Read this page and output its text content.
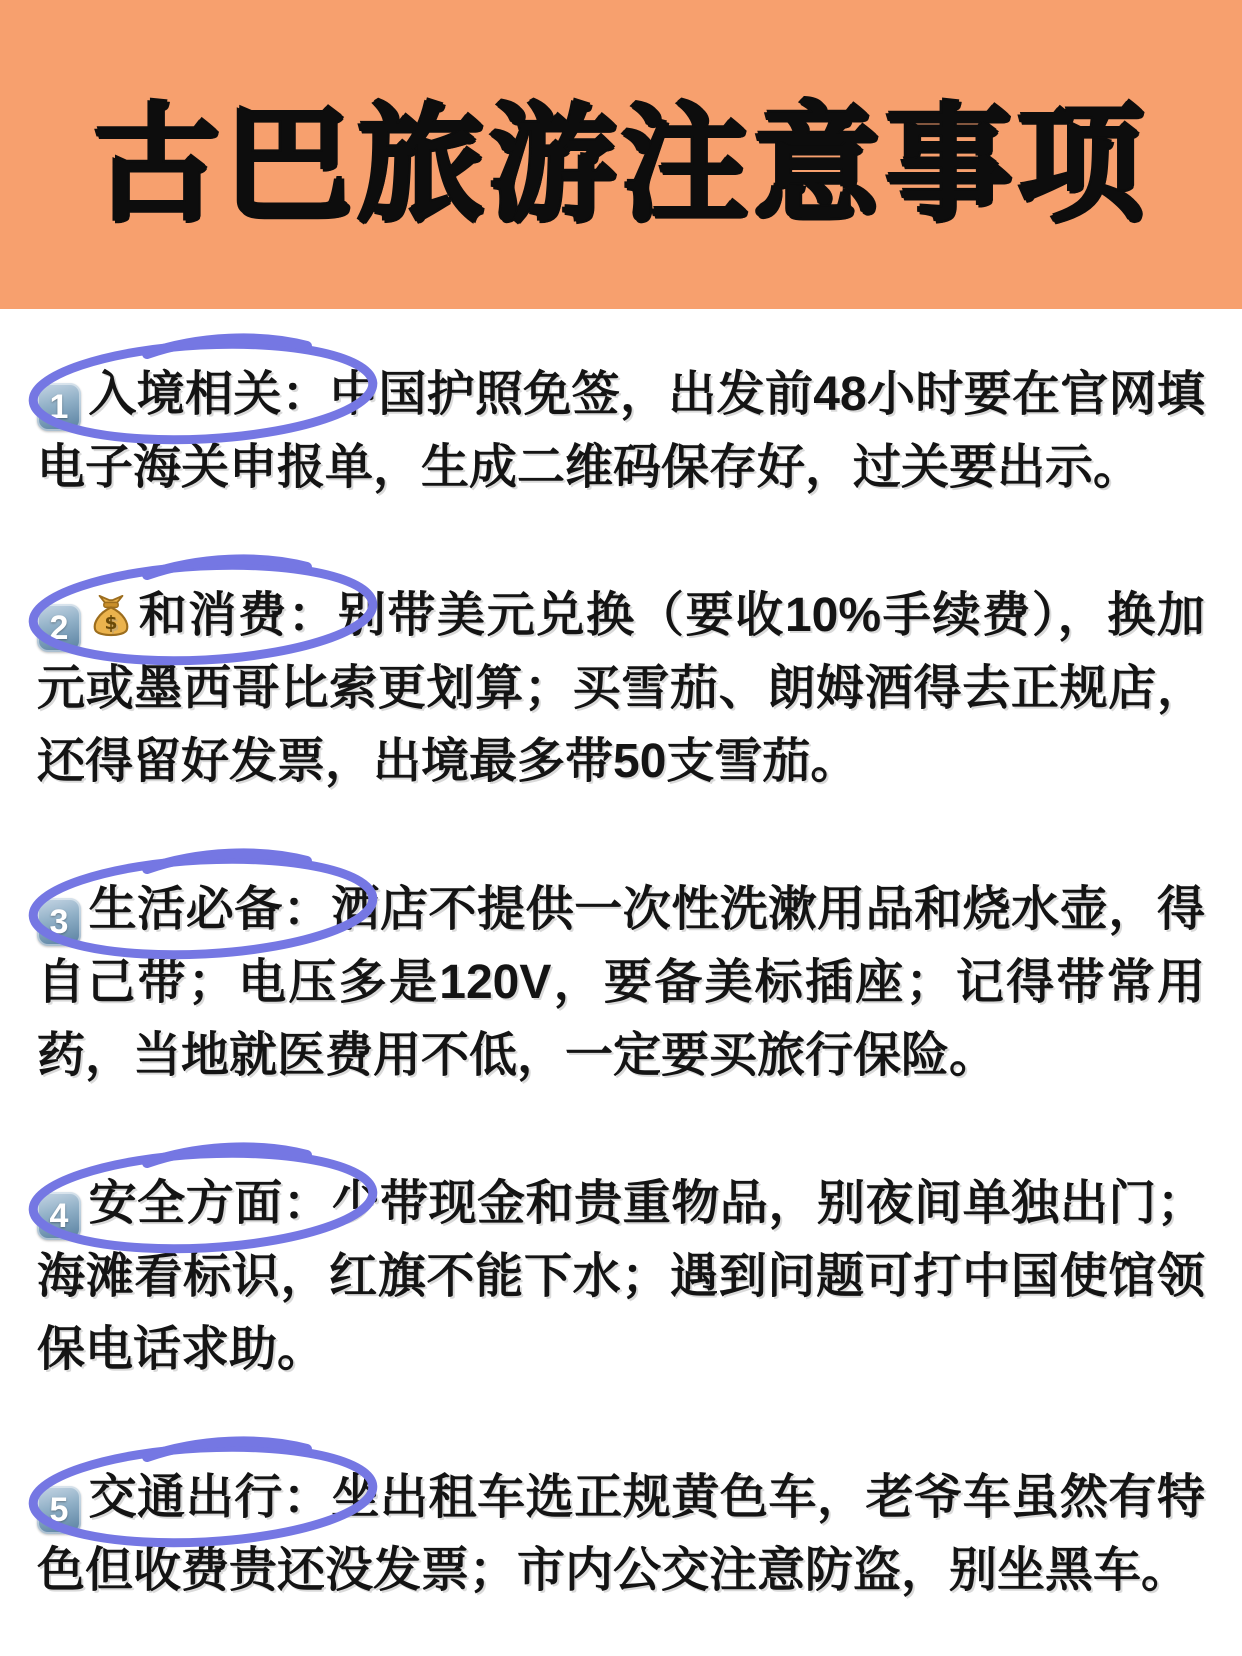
古巴旅游注意事项
1 入境相关：中国护照免签，出发前48小时要在官网填电子海关申报单，生成二维码保存好，过关要出示。
2 $ 和消费：别带美元兑换（要收10%手续费），换加元或墨西哥比索更划算；买雪茄、朗姆酒得去正规店，还得留好发票，出境最多带50支雪茄。
3 生活必备：酒店不提供一次性洗漱用品和烧水壶，得自己带；电压多是120V，要备美标插座；记得带常用药，当地就医费用不低，一定要买旅行保险。
4 安全方面：少带现金和贵重物品，别夜间单独出门；海滩看标识，红旗不能下水；遇到问题可打中国使馆领保电话求助。
5 交通出行：坐出租车选正规黄色车，老爷车虽然有特色但收费贵还没发票；市内公交注意防盗，别坐黑车。
